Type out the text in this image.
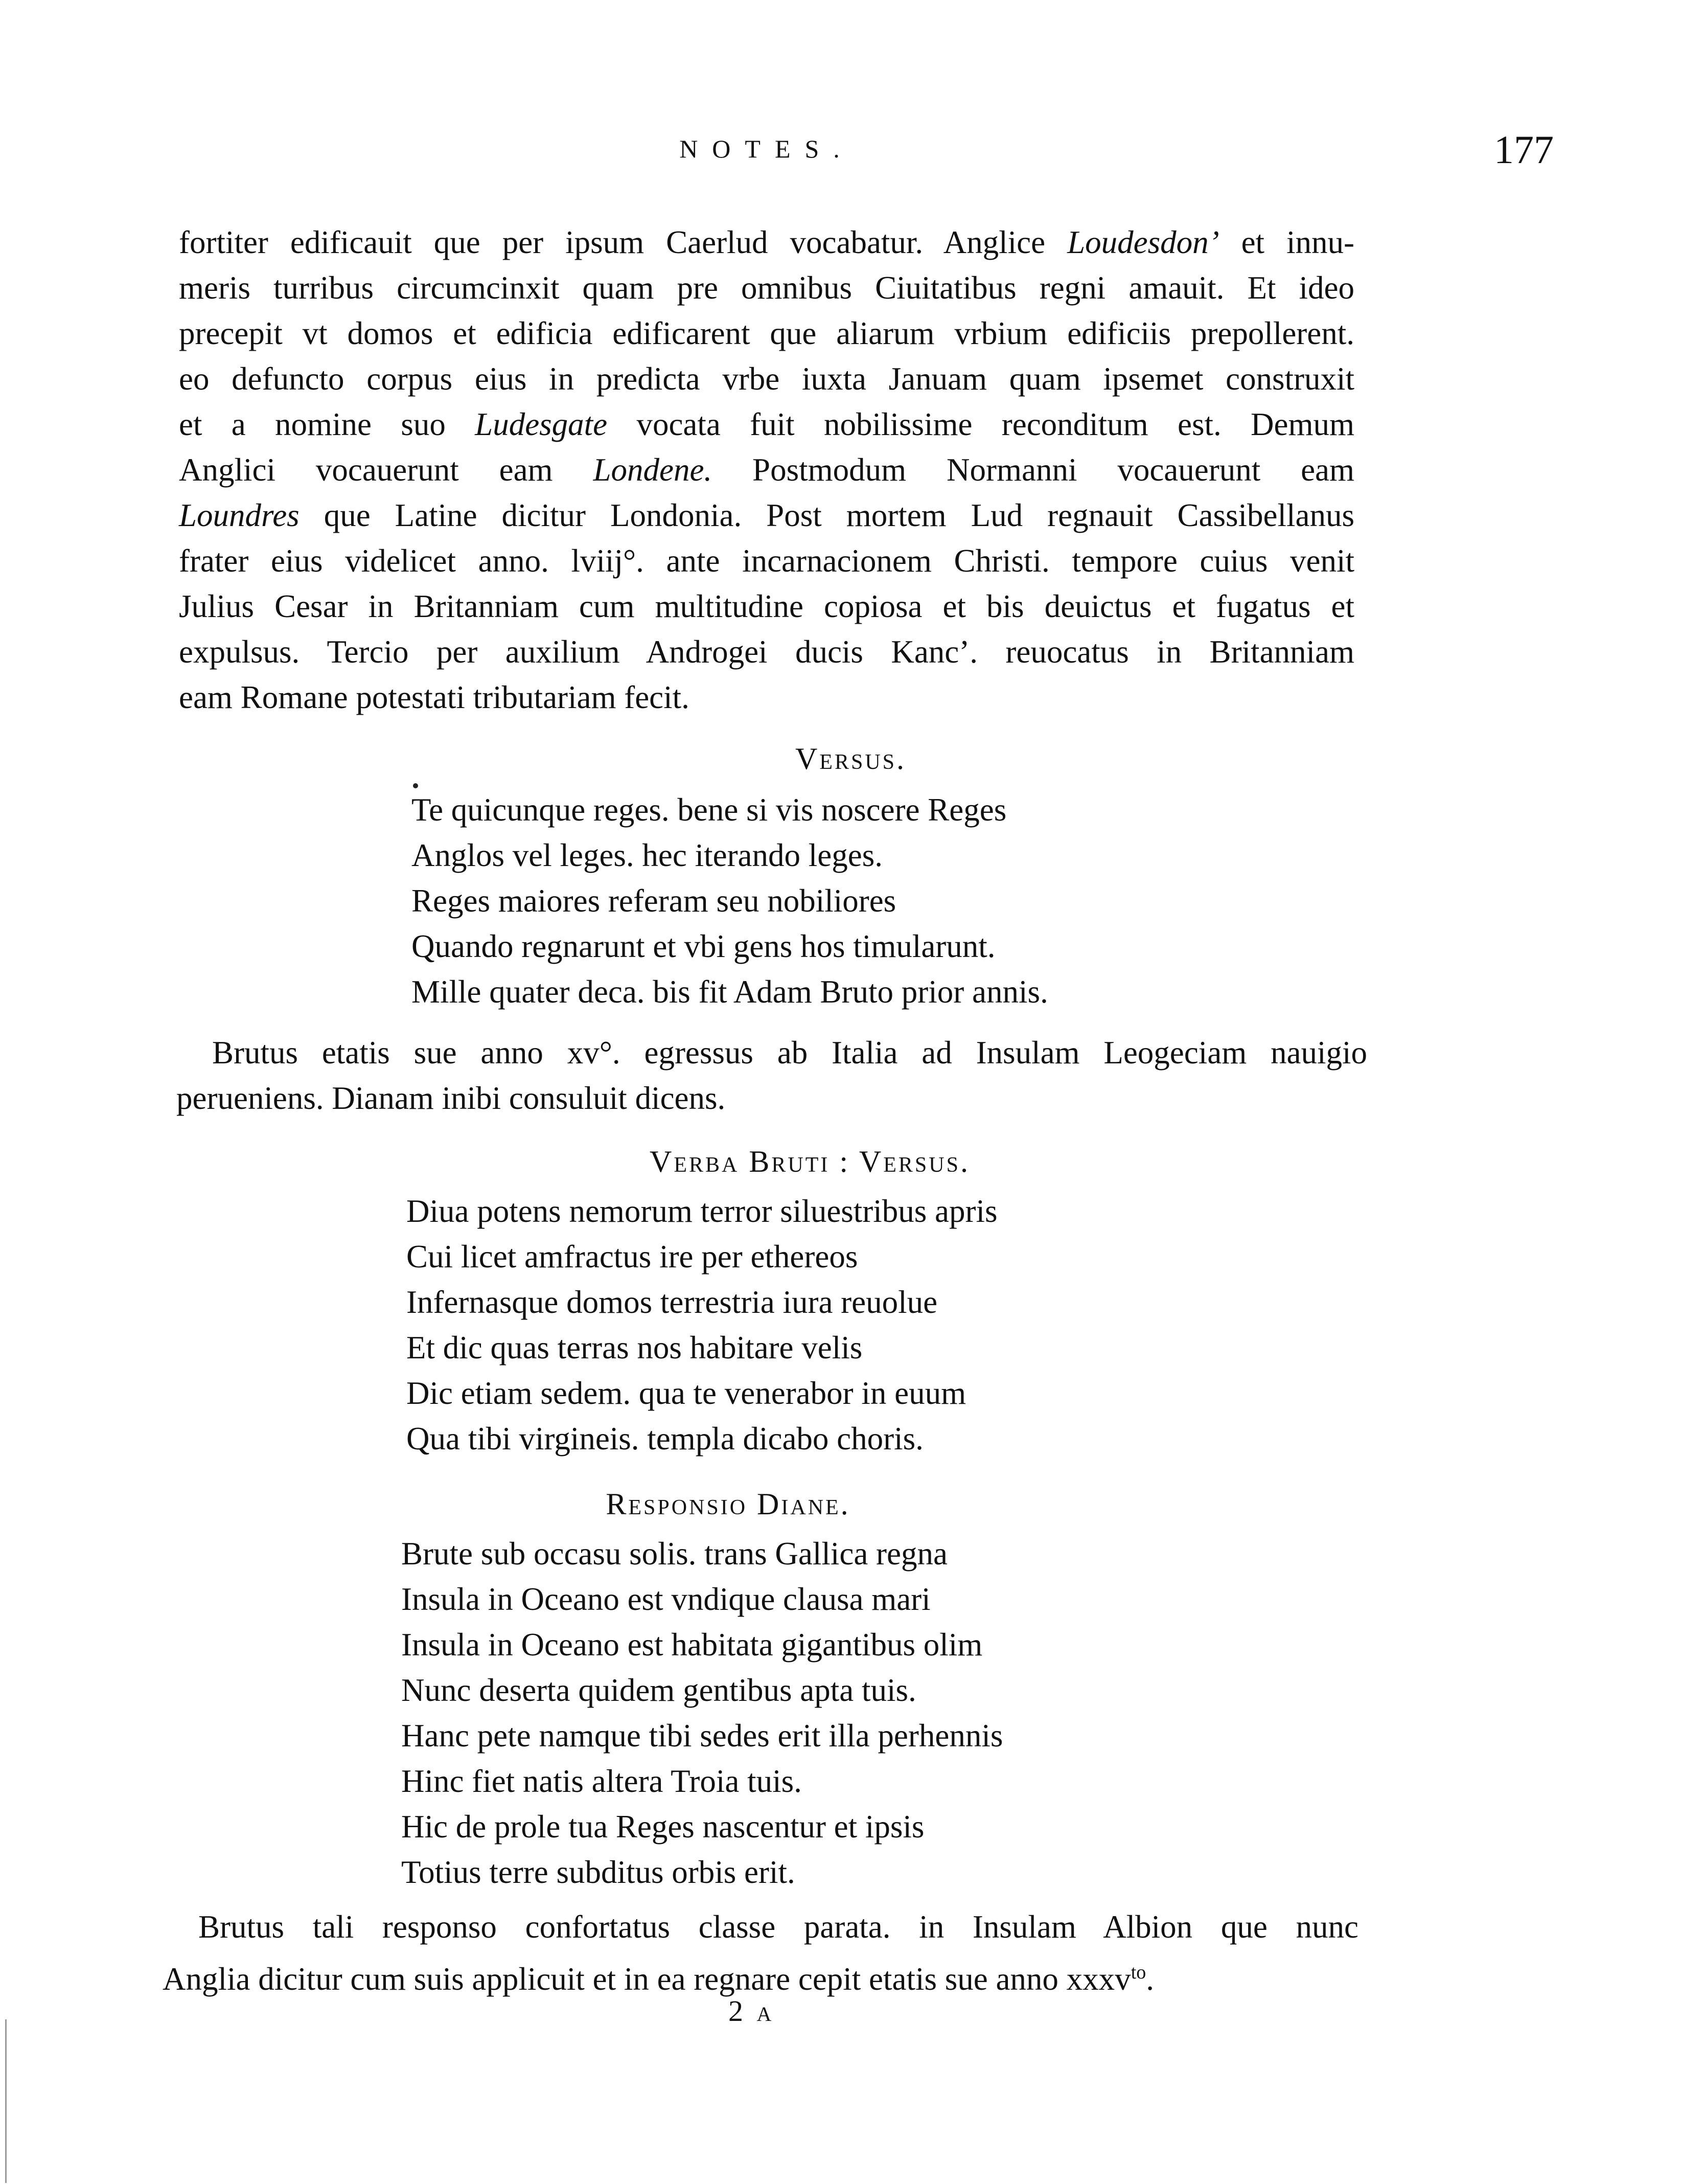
NOTES.	177
fortiter edificauit que per ipsum Caerlud vocabatur. Anglice Loudesdon’ et innu-
meris turribus circumcinxit quam pre omnibus Ciuitatibus regni amauit. Et ideo
precepit vt domos et edificia edificarent que aliarum vrbium edificiis prepollerent.
eo defuncto corpus eius in predicta vrbe iuxta Januam quam ipsemet construxit
et a nomine suo Ludesgate vocata fuit nobilissime reconditum est. Demum
Anglici vocauerunt eam Londene. Postmodum Normanni vocauerunt eam
Loundres que Latine dicitur Londonia. Post mortem Lud regnauit Cassibellanus
frater eius videlicet anno. lviij°. ante incarnacionem Christi. tempore cuius venit
Julius Cesar in Britanniam cum multitudine copiosa et bis deuictus et fugatus et
expulsus. Tercio per auxilium Androgei ducis Kanc’. reuocatus in Britanniam
eam Romane potestati tributariam fecit.
Versus.
Te quicunque reges. bene si vis noscere Reges
Anglos vel leges. hec iterando leges.
Reges maiores referam seu nobiliores
Quando regnarunt et vbi gens hos timularunt.
Mille quater deca. bis fit Adam Bruto prior annis.
Brutus etatis sue anno xv°. egressus ab Italia ad Insulam Leogeciam nauigio
perueniens. Dianam inibi consuluit dicens.
Verba Bruti : Versus.
Diua potens nemorum terror siluestribus apris
Cui licet amfractus ire per ethereos
Infernasque domos terrestria iura reuolue
Et dic quas terras nos habitare velis
Dic etiam sedem. qua te venerabor in euum
Qua tibi virgineis. templa dicabo choris.
Responsio Diane.
Brute sub occasu solis. trans Gallica regna
Insula in Oceano est vndique clausa mari
Insula in Oceano est habitata gigantibus olim
Nunc deserta quidem gentibus apta tuis.
Hanc pete namque tibi sedes erit illa perhennis
Hinc fiet natis altera Troia tuis.
Hic de prole tua Reges nascentur et ipsis
Totius terre subditus orbis erit.
Brutus tali responso confortatus classe parata. in Insulam Albion que nunc
Anglia dicitur cum suis applicuit et in ea regnare cepit etatis sue anno xxxv$^{to}$.
2 A
